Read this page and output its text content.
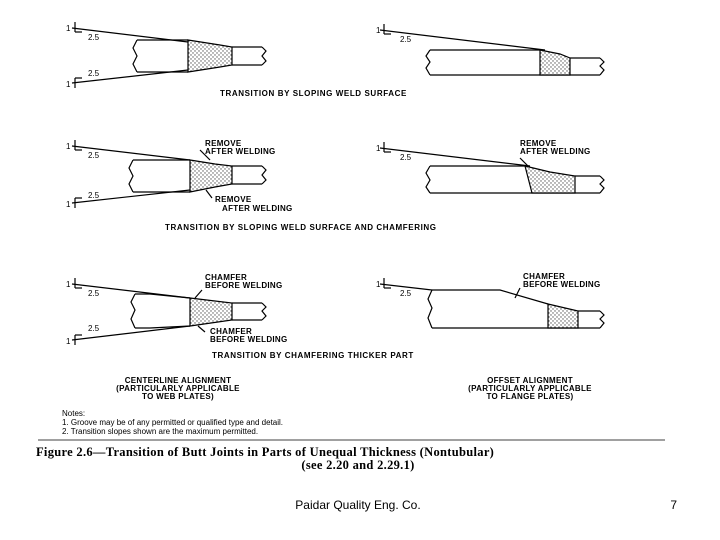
1
2.5
2.5
1
1
2.5
TRANSITION BY SLOPING WELD SURFACE
1
2.5
2.5
1
REMOVE
AFTER WELDING
REMOVE
AFTER WELDING
1
2.5
REMOVE
AFTER WELDING
TRANSITION BY SLOPING WELD SURFACE AND CHAMFERING
1
2.5
2.5
1
CHAMFER
BEFORE WELDING
CHAMFER
BEFORE WELDING
1
2.5
CHAMFER
BEFORE WELDING
TRANSITION BY CHAMFERING THICKER PART
CENTERLINE ALIGNMENT
(PARTICULARLY APPLICABLE
TO WEB PLATES)
OFFSET ALIGNMENT
(PARTICULARLY APPLICABLE
TO FLANGE PLATES)
Notes:
1. Groove may be of any permitted or qualified type and detail.
2. Transition slopes shown are the maximum permitted.
Figure 2.6—Transition of Butt Joints in Parts of Unequal Thickness (Nontubular)
(see 2.20 and 2.29.1)
Paidar Quality Eng. Co.	7
